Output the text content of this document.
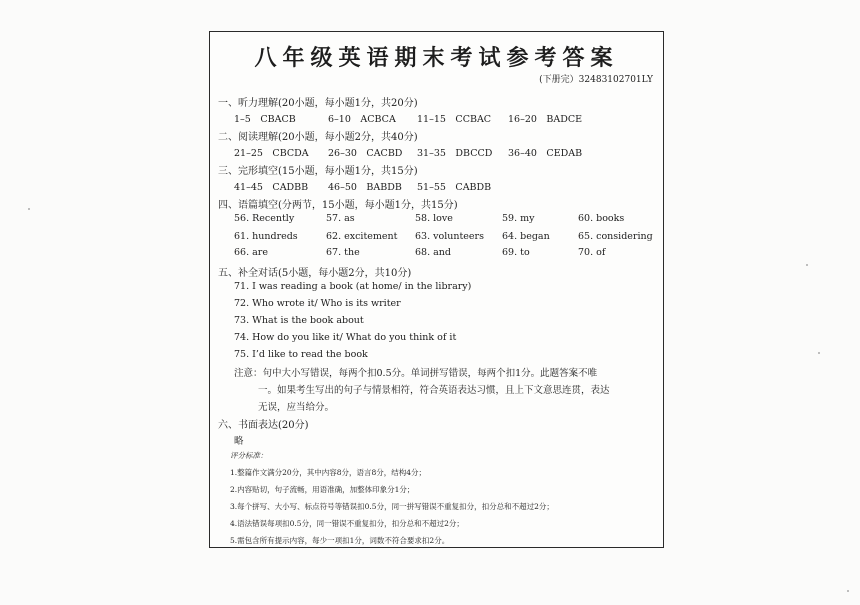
八年级英语期末考试参考答案
(下册完）32483102701LY
一、听力理解(20小题，每小题1分，共20分)
1–5　CBACB	6–10　ACBCA 11–15　CCBAC 16–20　BADCE
二、阅读理解(20小题，每小题2分，共40分)
21–25　CBCDA 26–30　CACBD 31–35　DBCCD 36–40　CEDAB
三、完形填空(15小题，每小题1分，共15分)
41–45　CADBB 46–50　BABDB 51–55　CABDB
四、语篇填空(分两节，15小题，每小题1分，共15分)
56. Recently	57. as	58. love	59. my	60. books
61. hundreds	62. excitement 63. volunteers 64. began	65. considering
66. are	67. the	68. and	69. to	70. of
五、补全对话(5小题，每小题2分，共10分)
71. I was reading a book (at home/ in the library)
72. Who wrote it/ Who is its writer
73. What is the book about
74. How do you like it/ What do you think of it
75. I’d like to read the book
注意：句中大小写错误，每两个扣0.5分。单词拼写错误，每两个扣1分。此题答案不唯
一。如果考生写出的句子与情景相符，符合英语表达习惯，且上下文意思连贯，表达
无误，应当给分。
六、书面表达(20分)
略
评分标准：
1.整篇作文满分20分，其中内容8分，语言8分，结构4分；
2.内容贴切，句子流畅，用语准确，加整体印象分1分；
3.每个拼写、大小写、标点符号等错误扣0.5分，同一拼写错误不重复扣分，扣分总和不超过2分；
4.语法错误每项扣0.5分，同一错误不重复扣分，扣分总和不超过2分；
5.需包含所有提示内容，每少一项扣1分，词数不符合要求扣2分。
